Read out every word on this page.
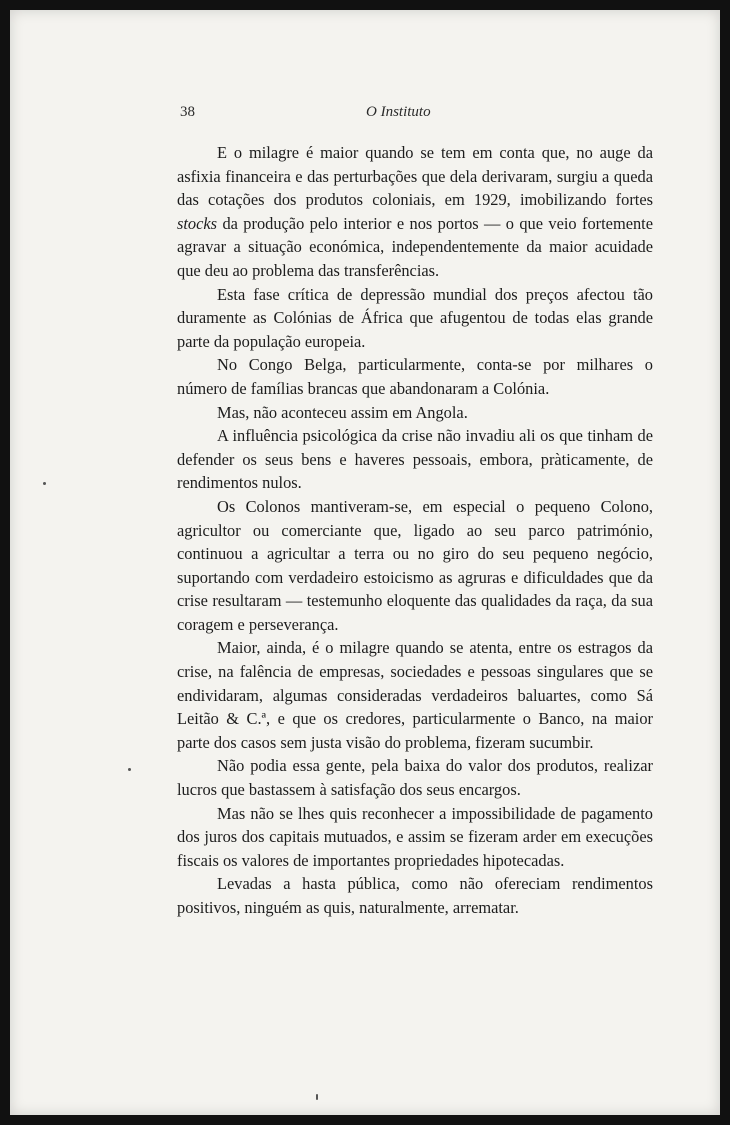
38	O Instituto

E o milagre é maior quando se tem em conta que, no auge da asfixia financeira e das perturbações que dela derivaram, surgiu a queda das cotações dos produtos coloniais, em 1929, imobilizando fortes stocks da produção pelo interior e nos portos — o que veio fortemente agravar a situação económica, independentemente da maior acuidade que deu ao problema das transferências.

Esta fase crítica de depressão mundial dos preços afectou tão duramente as Colónias de África que afugentou de todas elas grande parte da população europeia.

No Congo Belga, particularmente, conta-se por milhares o número de famílias brancas que abandonaram a Colónia.

Mas, não aconteceu assim em Angola.

A influência psicológica da crise não invadiu ali os que tinham de defender os seus bens e haveres pessoais, embora, pràticamente, de rendimentos nulos.

Os Colonos mantiveram-se, em especial o pequeno Colono, agricultor ou comerciante que, ligado ao seu parco património, continuou a agricultar a terra ou no giro do seu pequeno negócio, suportando com verdadeiro estoicismo as agruras e dificuldades que da crise resultaram — testemunho eloquente das qualidades da raça, da sua coragem e perseverança.

Maior, ainda, é o milagre quando se atenta, entre os estragos da crise, na falência de empresas, sociedades e pessoas singulares que se endividaram, algumas consideradas verdadeiros baluartes, como Sá Leitão & C.ª, e que os credores, particularmente o Banco, na maior parte dos casos sem justa visão do problema, fizeram sucumbir.

Não podia essa gente, pela baixa do valor dos produtos, realizar lucros que bastassem à satisfação dos seus encargos.

Mas não se lhes quis reconhecer a impossibilidade de pagamento dos juros dos capitais mutuados, e assim se fizeram arder em execuções fiscais os valores de importantes propriedades hipotecadas.

Levadas a hasta pública, como não ofereciam rendimentos positivos, ninguém as quis, naturalmente, arrematar.
